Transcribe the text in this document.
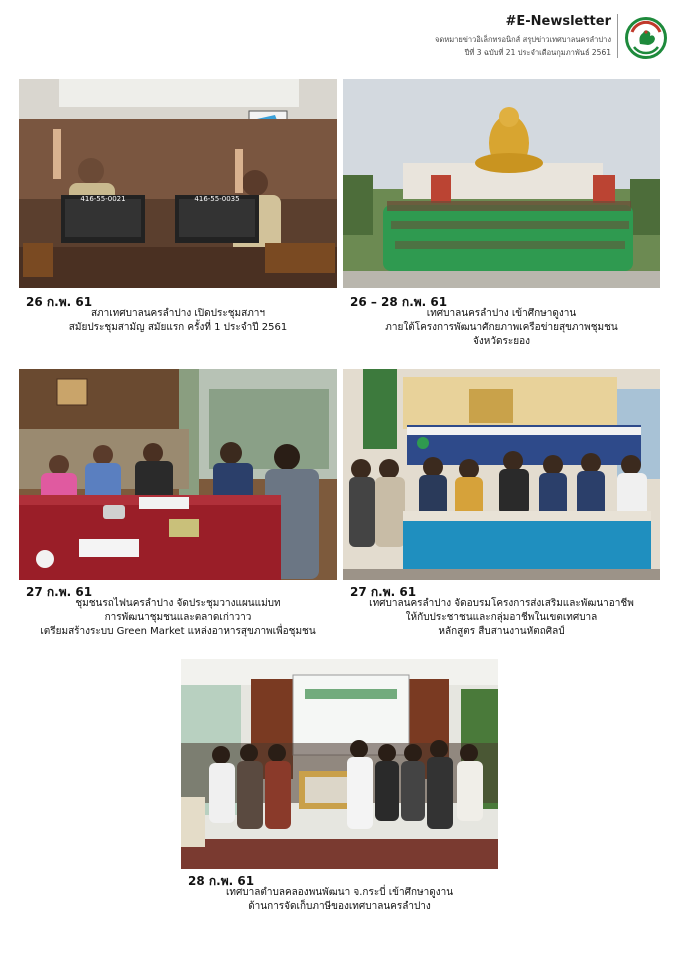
#E-Newsletter
จดหมายข่าวอิเล็กทรอนิกส์ สรุปข่าวเทศบาลนครลำปาง
ปีที่ 3 ฉบับที่ 21 ประจำเดือนกุมภาพันธ์ 2561
416-55-0021	416-55-0035
26 ก.พ. 61
สภาเทศบาลนครลำปาง เปิดประชุมสภาฯ
สมัยประชุมสามัญ สมัยแรก ครั้งที่ 1 ประจำปี 2561
26 – 28 ก.พ. 61
เทศบาลนครลำปาง เข้าศึกษาดูงาน
ภายใต้โครงการพัฒนาศักยภาพเครือข่ายสุขภาพชุมชน
จังหวัดระยอง
27 ก.พ. 61
ชุมชนรถไฟนครลำปาง จัดประชุมวางแผนแม่บท
การพัฒนาชุมชนและตลาดเก่าวาว
เตรียมสร้างระบบ Green Market แหล่งอาหารสุขภาพเพื่อชุมชน
27 ก.พ. 61
เทศบาลนครลำปาง จัดอบรมโครงการส่งเสริมและพัฒนาอาชีพ
ให้กับประชาชนและกลุ่มอาชีพในเขตเทศบาล
หลักสูตร สืบสานงานหัตถศิลป์
28 ก.พ. 61
เทศบาลตำบลคลองพนพัฒนา จ.กระบี่ เข้าศึกษาดูงาน
ด้านการจัดเก็บภาษีของเทศบาลนครลำปาง
